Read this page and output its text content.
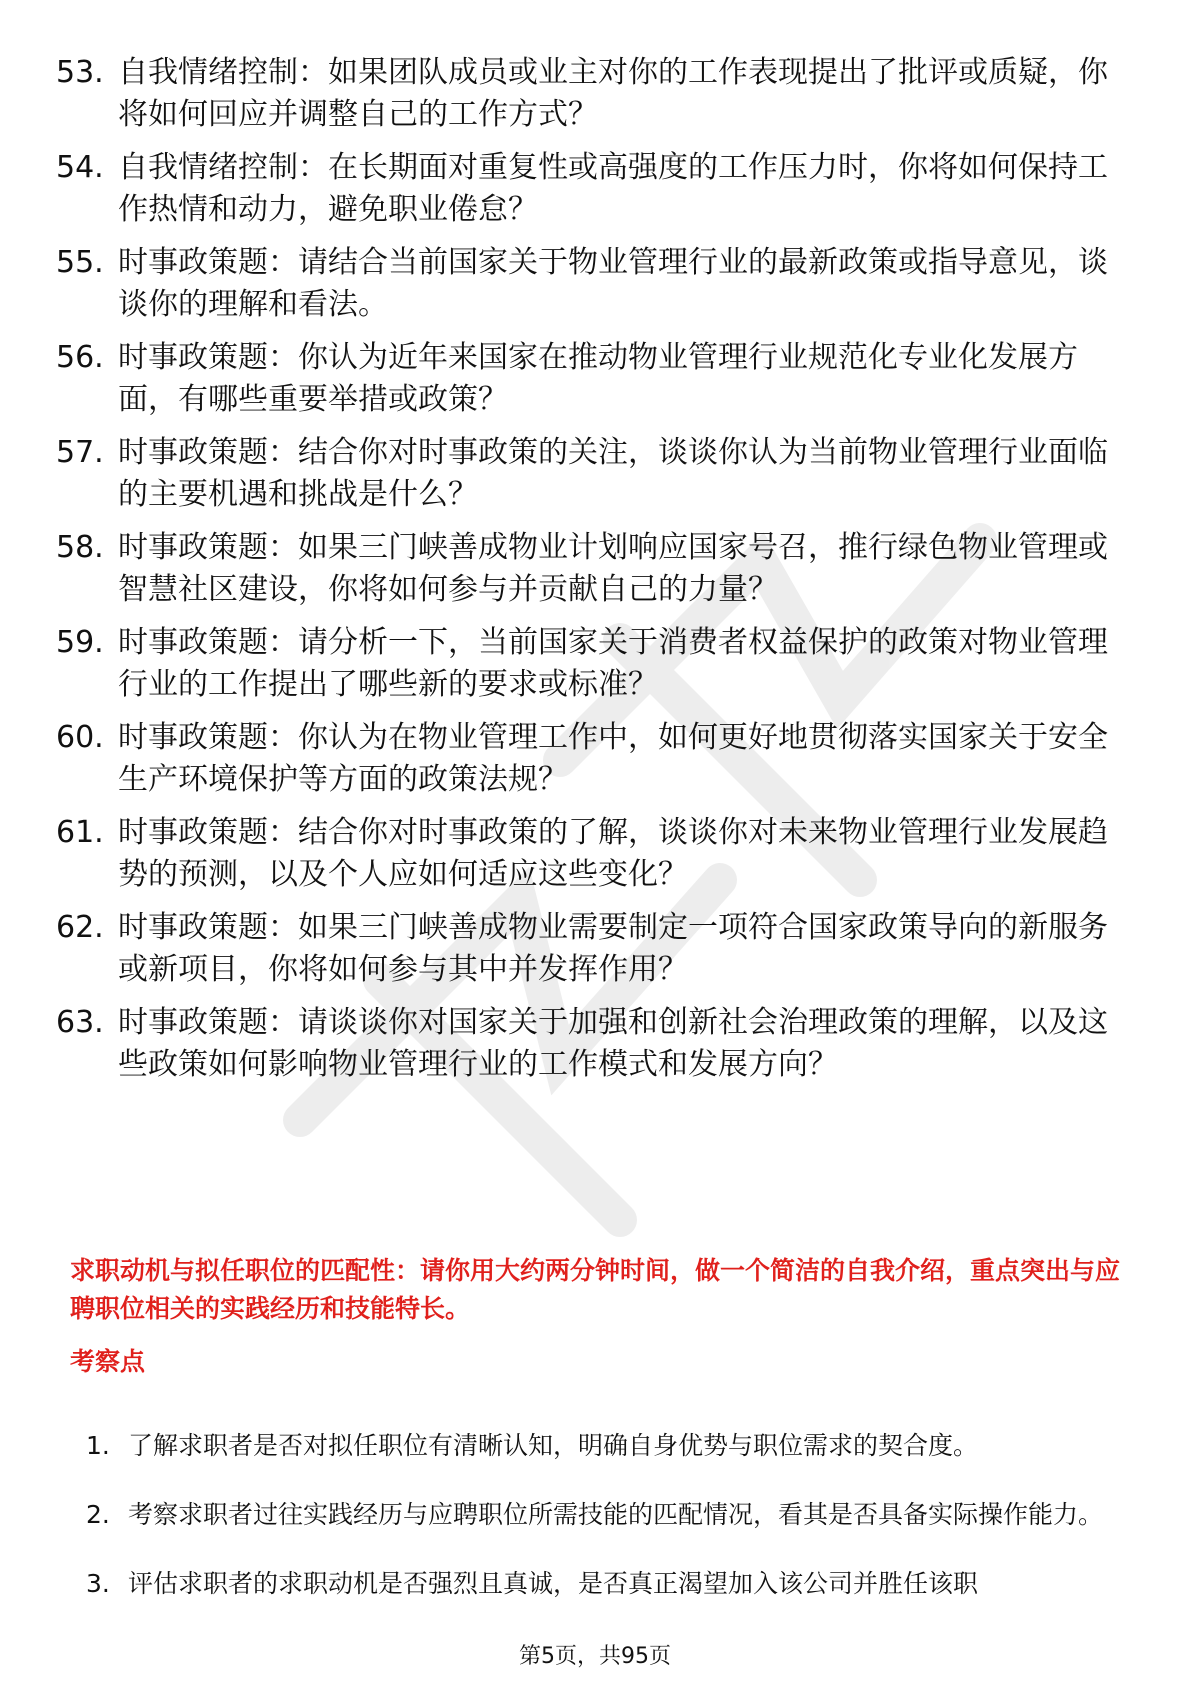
53. 自我情绪控制：如果团队成员或业主对你的工作表现提出了批评或质疑，你将如何回应并调整自己的工作方式？
54. 自我情绪控制：在长期面对重复性或高强度的工作压力时，你将如何保持工作热情和动力，避免职业倦怠？
55. 时事政策题：请结合当前国家关于物业管理行业的最新政策或指导意见，谈谈你的理解和看法。
56. 时事政策题：你认为近年来国家在推动物业管理行业规范化专业化发展方面，有哪些重要举措或政策？
57. 时事政策题：结合你对时事政策的关注，谈谈你认为当前物业管理行业面临的主要机遇和挑战是什么？
58. 时事政策题：如果三门峡善成物业计划响应国家号召，推行绿色物业管理或智慧社区建设，你将如何参与并贡献自己的力量？
59. 时事政策题：请分析一下，当前国家关于消费者权益保护的政策对物业管理行业的工作提出了哪些新的要求或标准？
60. 时事政策题：你认为在物业管理工作中，如何更好地贯彻落实国家关于安全生产环境保护等方面的政策法规？
61. 时事政策题：结合你对时事政策的了解，谈谈你对未来物业管理行业发展趋势的预测，以及个人应如何适应这些变化？
62. 时事政策题：如果三门峡善成物业需要制定一项符合国家政策导向的新服务或新项目，你将如何参与其中并发挥作用？
63. 时事政策题：请谈谈你对国家关于加强和创新社会治理政策的理解，以及这些政策如何影响物业管理行业的工作模式和发展方向？
求职动机与拟任职位的匹配性：请你用大约两分钟时间，做一个简洁的自我介绍，重点突出与应聘职位相关的实践经历和技能特长。
考察点
1. 了解求职者是否对拟任职位有清晰认知，明确自身优势与职位需求的契合度。
2. 考察求职者过往实践经历与应聘职位所需技能的匹配情况，看其是否具备实际操作能力。
3. 评估求职者的求职动机是否强烈且真诚，是否真正渴望加入该公司并胜任该职
第5页，共95页
